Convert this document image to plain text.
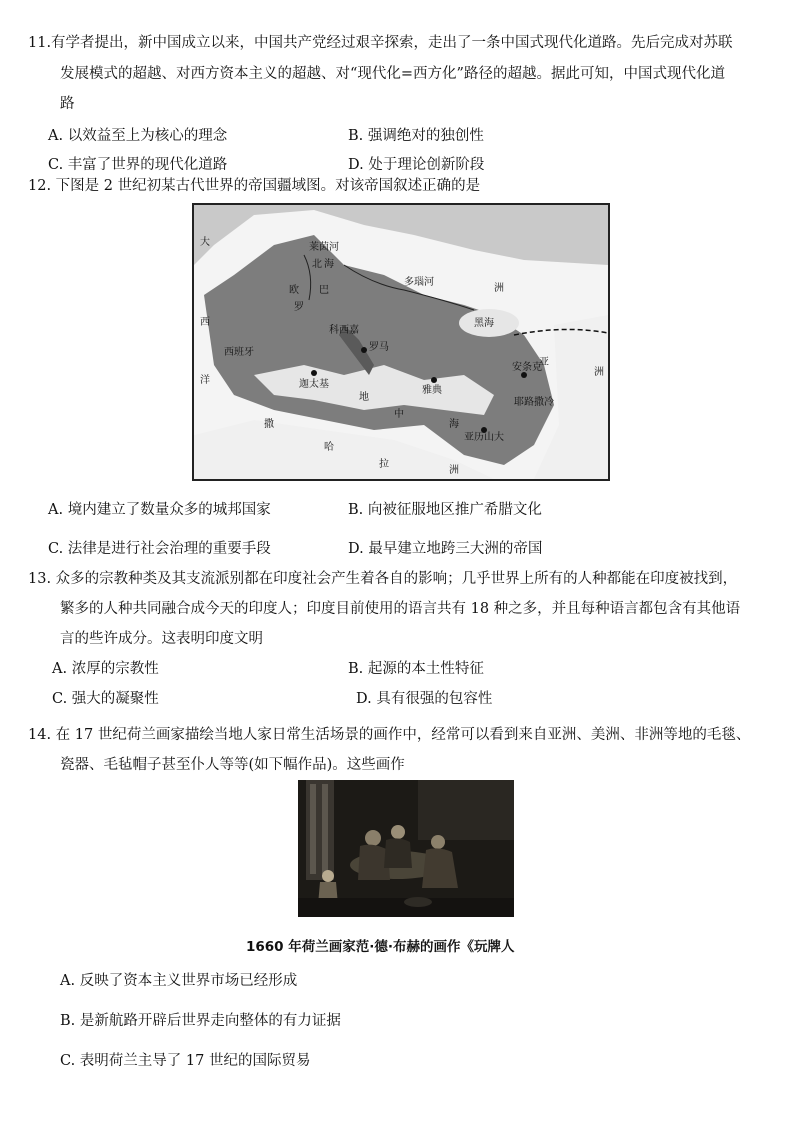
11.有学者提出，新中国成立以来，中国共产党经过艰辛探索，走出了一条中国式现代化道路。先后完成对苏联
发展模式的超越、对西方资本主义的超越、对“现代化=西方化”路径的超越。据此可知，中国式现代化道
路
A. 以效益至上为核心的理念	B. 强调绝对的独创性
C. 丰富了世界的现代化道路	D. 处于理论创新阶段
12. 下图是 2 世纪初某古代世界的帝国疆域图。对该帝国叙述正确的是
大
西
洋
欧
罗
巴
北 海
洲
亚
洲
撒
哈
拉
洲
中
海
地
黑海
亚历山大
罗马
迦太基
雅典
耶路撒冷
安条克
多瑙河
莱茵河
西班牙
科西嘉
A. 境内建立了数量众多的城邦国家	B. 向被征服地区推广希腊文化
C. 法律是进行社会治理的重要手段	D. 最早建立地跨三大洲的帝国
13. 众多的宗教种类及其支流派别都在印度社会产生着各自的影响；几乎世界上所有的人种都能在印度被找到，
繁多的人种共同融合成今天的印度人；印度目前使用的语言共有 18 种之多，并且每种语言都包含有其他语
言的些许成分。这表明印度文明
A. 浓厚的宗教性	B. 起源的本土性特征
C. 强大的凝聚性	D. 具有很强的包容性
14. 在 17 世纪荷兰画家描绘当地人家日常生活场景的画作中，经常可以看到来自亚洲、美洲、非洲等地的毛毯、
瓷器、毛毡帽子甚至仆人等等(如下幅作品)。这些画作
1660 年荷兰画家范·德·布赫的画作《玩牌人
A. 反映了资本主义世界市场已经形成
B. 是新航路开辟后世界走向整体的有力证据
C. 表明荷兰主导了 17 世纪的国际贸易
